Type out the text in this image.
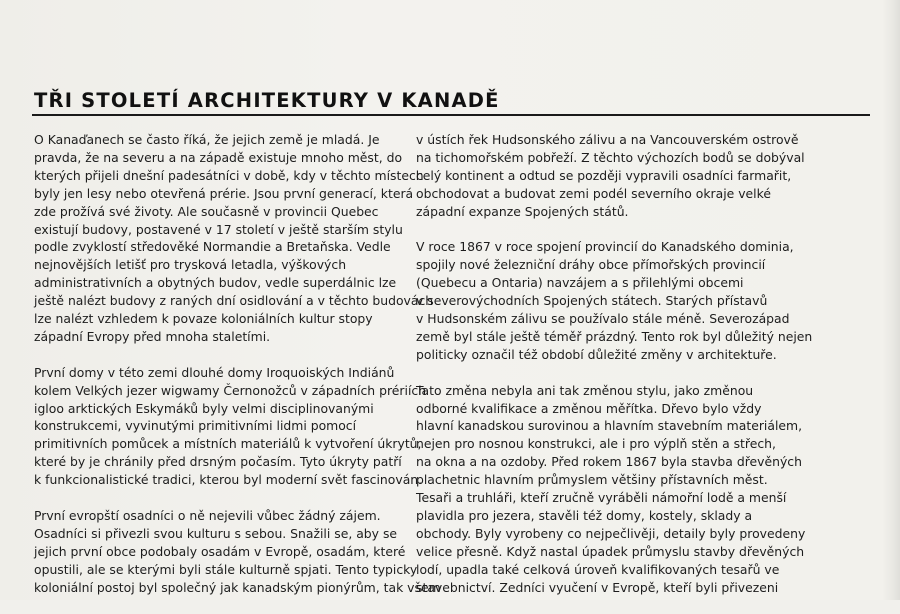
TŘI STOLETÍ ARCHITEKTURY V KANADĚ

O Kanaďanech se často říká, že jejich země je mladá. Je
pravda, že na severu a na západě existuje mnoho měst, do
kterých přijeli dnešní padesátníci v době, kdy v těchto místech
byly jen lesy nebo otevřená prérie. Jsou první generací, která
zde prožívá své životy. Ale současně v provincii Quebec
existují budovy, postavené v 17 století v ještě starším stylu
podle zvyklostí středověké Normandie a Bretaňska. Vedle
nejnovějších letišť pro trysková letadla, výškových
administrativních a obytných budov, vedle superdálnic lze
ještě nalézt budovy z raných dní osidlování a v těchto budovách
lze nalézt vzhledem k povaze koloniálních kultur stopy
západní Evropy před mnoha staletími.

První domy v této zemi dlouhé domy Iroquoiských Indiánů
kolem Velkých jezer wigwamy Černonožců v západních prériích
igloo arktických Eskymáků byly velmi disciplinovanými
konstrukcemi, vyvinutými primitivními lidmi pomocí
primitivních pomůcek a místních materiálů k vytvoření úkrytů,
které by je chránily před drsným počasím. Tyto úkryty patří
k funkcionalistické tradici, kterou byl moderní svět fascinován.

První evropští osadníci o ně nejevili vůbec žádný zájem.
Osadníci si přivezli svou kulturu s sebou. Snažili se, aby se
jejich první obce podobaly osadám v Evropě, osadám, které
opustili, ale se kterými byli stále kulturně spjati. Tento typicky
koloniální postoj byl společný jak kanadským pionýrům, tak všem

v ústích řek Hudsonského zálivu a na Vancouverském ostrově
na tichomořském pobřeží. Z těchto výchozích bodů se dobýval
celý kontinent a odtud se později vypravili osadníci farmařit,
obchodovat a budovat zemi podél severního okraje velké
západní expanze Spojených států.

V roce 1867 v roce spojení provincií do Kanadského dominia,
spojily nové železniční dráhy obce přímořských provincií
(Quebecu a Ontaria) navzájem a s přilehlými obcemi
v severovýchodních Spojených státech. Starých přístavů
v Hudsonském zálivu se používalo stále méně. Severozápad
země byl stále ještě téměř prázdný. Tento rok byl důležitý nejen
politicky označil též období důležité změny v architektuře.

Tato změna nebyla ani tak změnou stylu, jako změnou
odborné kvalifikace a změnou měřítka. Dřevo bylo vždy
hlavní kanadskou surovinou a hlavním stavebním materiálem,
nejen pro nosnou konstrukci, ale i pro výplň stěn a střech,
na okna a na ozdoby. Před rokem 1867 byla stavba dřevěných
plachetnic hlavním průmyslem většiny přístavních měst.
Tesaři a truhláři, kteří zručně vyráběli námořní lodě a menší
plavidla pro jezera, stavěli též domy, kostely, sklady a
obchody. Byly vyrobeny co nejpečlivěji, detaily byly provedeny
velice přesně. Když nastal úpadek průmyslu stavby dřevěných
lodí, upadla také celková úroveň kvalifikovaných tesařů ve
stavebnictví. Zedníci vyučení v Evropě, kteří byli přivezeni
